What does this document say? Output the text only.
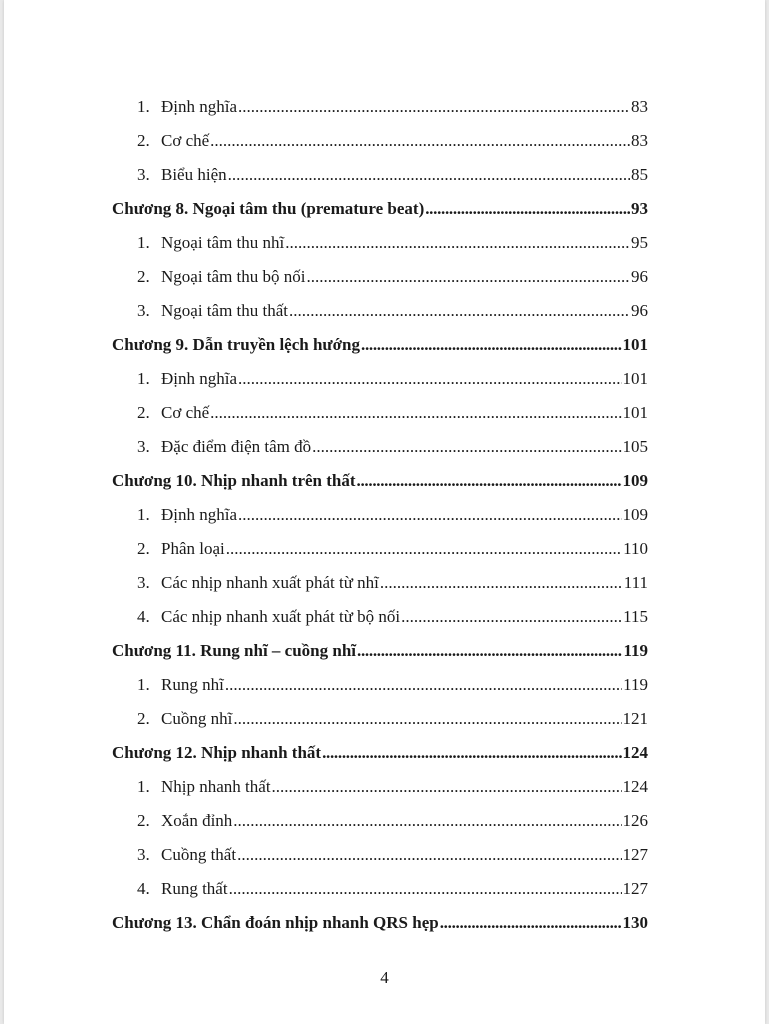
1. Định nghĩa .....	83
2. Cơ chế .....	83
3. Biểu hiện .....	85
Chương 8. Ngoại tâm thu (premature beat) .....	93
1. Ngoại tâm thu nhĩ .....	95
2. Ngoại tâm thu bộ nối .....	96
3. Ngoại tâm thu thất .....	96
Chương 9. Dẫn truyền lệch hướng .....	101
1. Định nghĩa .....	101
2. Cơ chế .....	101
3. Đặc điểm điện tâm đồ .....	105
Chương 10. Nhịp nhanh trên thất .....	109
1. Định nghĩa .....	109
2. Phân loại .....	110
3. Các nhịp nhanh xuất phát từ nhĩ .....	111
4. Các nhịp nhanh xuất phát từ bộ nối .....	115
Chương 11. Rung nhĩ – cuồng nhĩ .....	119
1. Rung nhĩ .....	119
2. Cuồng nhĩ .....	121
Chương 12. Nhịp nhanh thất .....	124
1. Nhịp nhanh thất .....	124
2. Xoắn đỉnh .....	126
3. Cuồng thất .....	127
4. Rung thất .....	127
Chương 13. Chẩn đoán nhịp nhanh QRS hẹp .....	130
4
